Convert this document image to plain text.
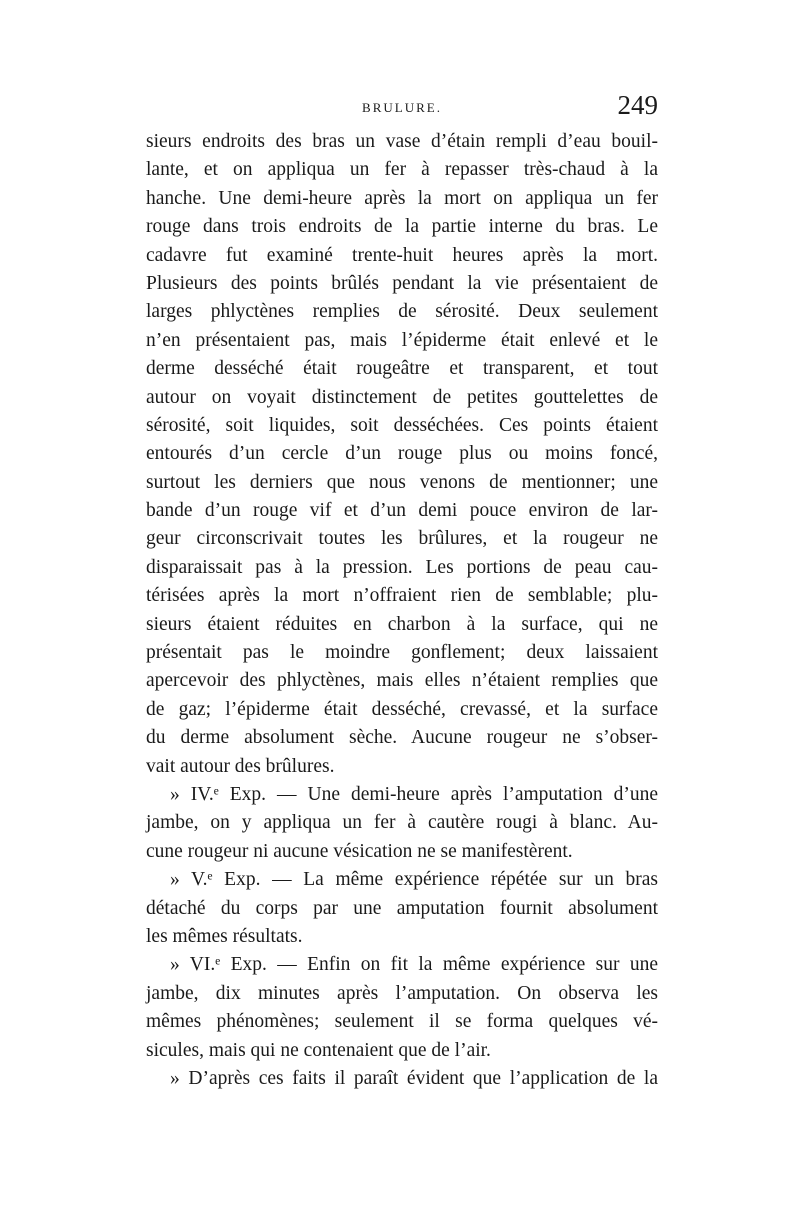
BRULURE.	249
sieurs endroits des bras un vase d’étain rempli d’eau bouil-
lante, et on appliqua un fer à repasser très-chaud à la
hanche. Une demi-heure après la mort on appliqua un fer
rouge dans trois endroits de la partie interne du bras. Le
cadavre fut examiné trente-huit heures après la mort.
Plusieurs des points brûlés pendant la vie présentaient de
larges phlyctènes remplies de sérosité. Deux seulement
n’en présentaient pas, mais l’épiderme était enlevé et le
derme desséché était rougeâtre et transparent, et tout
autour on voyait distinctement de petites gouttelettes de
sérosité, soit liquides, soit desséchées. Ces points étaient
entourés d’un cercle d’un rouge plus ou moins foncé,
surtout les derniers que nous venons de mentionner; une
bande d’un rouge vif et d’un demi pouce environ de lar-
geur circonscrivait toutes les brûlures, et la rougeur ne
disparaissait pas à la pression. Les portions de peau cau-
térisées après la mort n’offraient rien de semblable; plu-
sieurs étaient réduites en charbon à la surface, qui ne
présentait pas le moindre gonflement; deux laissaient
apercevoir des phlyctènes, mais elles n’étaient remplies que
de gaz; l’épiderme était desséché, crevassé, et la surface
du derme absolument sèche. Aucune rougeur ne s’obser-
vait autour des brûlures.
» IV.ᵉ Exp. — Une demi-heure après l’amputation d’une
jambe, on y appliqua un fer à cautère rougi à blanc. Au-
cune rougeur ni aucune vésication ne se manifestèrent.
» V.ᵉ Exp. — La même expérience répétée sur un bras
détaché du corps par une amputation fournit absolument
les mêmes résultats.
» VI.ᵉ Exp. — Enfin on fit la même expérience sur une
jambe, dix minutes après l’amputation. On observa les
mêmes phénomènes; seulement il se forma quelques vé-
sicules, mais qui ne contenaient que de l’air.
» D’après ces faits il paraît évident que l’application de la
